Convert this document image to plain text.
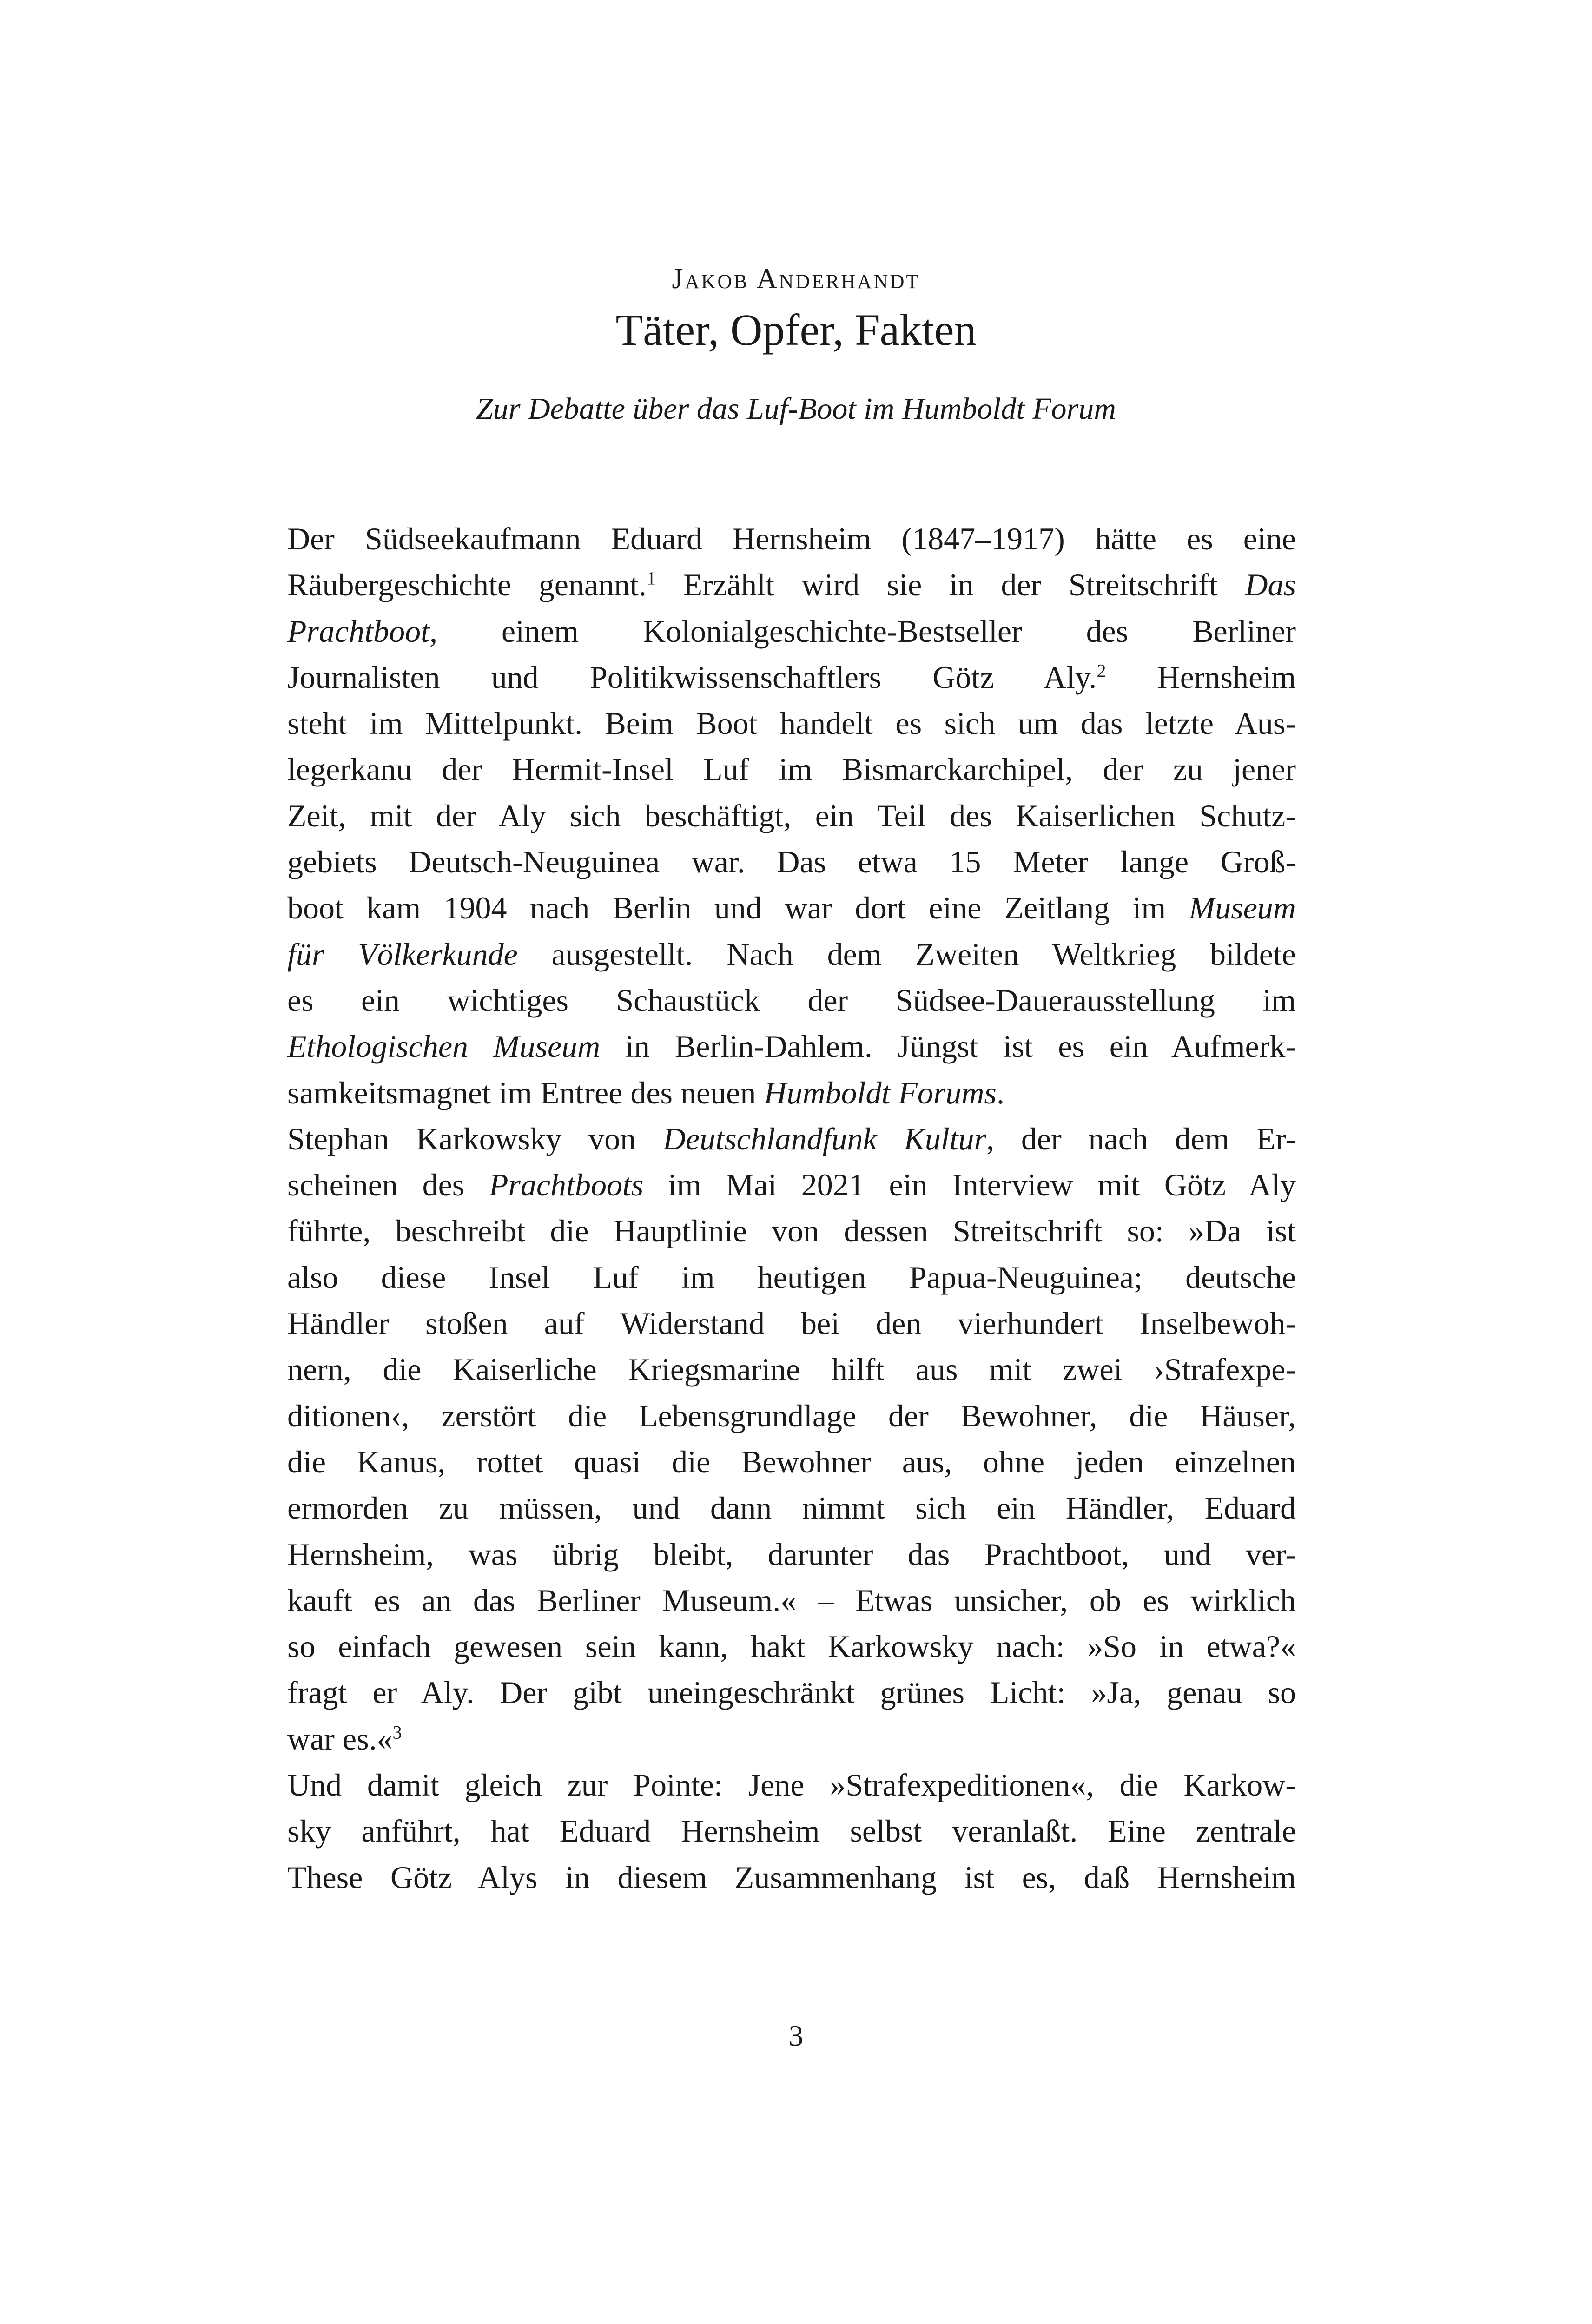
Jakob Anderhandt
Täter, Opfer, Fakten
Zur Debatte über das Luf-Boot im Humboldt Forum
Der Südseekaufmann Eduard Hernsheim (1847–1917) hätte es eine
Räubergeschichte genannt.$^1$ Erzählt wird sie in der Streitschrift Das
Prachtboot, einem Kolonialgeschichte-Bestseller des Berliner
Journalisten und Politikwissenschaftlers Götz Aly.$^2$ Hernsheim
steht im Mittelpunkt. Beim Boot handelt es sich um das letzte Aus-
legerkanu der Hermit-Insel Luf im Bismarckarchipel, der zu jener
Zeit, mit der Aly sich beschäftigt, ein Teil des Kaiserlichen Schutz-
gebiets Deutsch-Neuguinea war. Das etwa 15 Meter lange Groß-
boot kam 1904 nach Berlin und war dort eine Zeitlang im Museum
für Völkerkunde ausgestellt. Nach dem Zweiten Weltkrieg bildete
es ein wichtiges Schaustück der Südsee-Dauerausstellung im
Ethologischen Museum in Berlin-Dahlem. Jüngst ist es ein Aufmerk-
samkeitsmagnet im Entree des neuen Humboldt Forums.
Stephan Karkowsky von Deutschlandfunk Kultur, der nach dem Er-
scheinen des Prachtboots im Mai 2021 ein Interview mit Götz Aly
führte, beschreibt die Hauptlinie von dessen Streitschrift so: »Da ist
also diese Insel Luf im heutigen Papua-Neuguinea; deutsche
Händler stoßen auf Widerstand bei den vierhundert Inselbewoh-
nern, die Kaiserliche Kriegsmarine hilft aus mit zwei ›Strafexpe-
ditionen‹, zerstört die Lebensgrundlage der Bewohner, die Häuser,
die Kanus, rottet quasi die Bewohner aus, ohne jeden einzelnen
ermorden zu müssen, und dann nimmt sich ein Händler, Eduard
Hernsheim, was übrig bleibt, darunter das Prachtboot, und ver-
kauft es an das Berliner Museum.« – Etwas unsicher, ob es wirklich
so einfach gewesen sein kann, hakt Karkowsky nach: »So in etwa?«
fragt er Aly. Der gibt uneingeschränkt grünes Licht: »Ja, genau so
war es.«$^3$
Und damit gleich zur Pointe: Jene »Strafexpeditionen«, die Karkow-
sky anführt, hat Eduard Hernsheim selbst veranlaßt. Eine zentrale
These Götz Alys in diesem Zusammenhang ist es, daß Hernsheim
3
